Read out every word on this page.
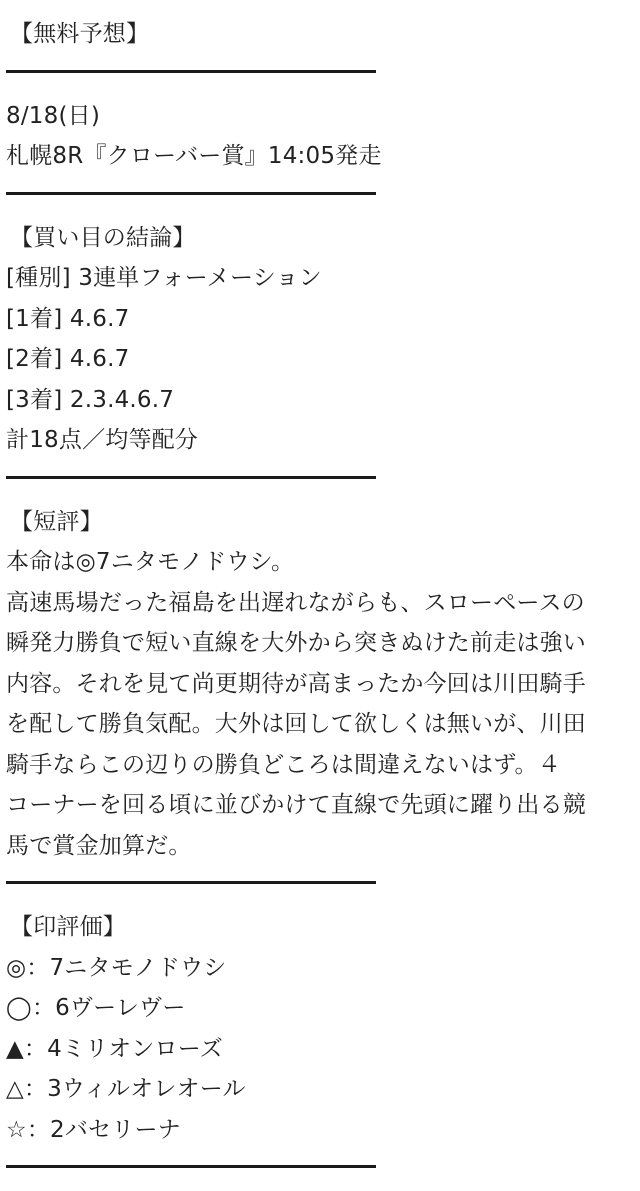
【無料予想】
8/18(日)
札幌8R『クローバー賞』14:05発走
【買い目の結論】
[種別] 3連単フォーメーション
[1着] 4.6.7
[2着] 4.6.7
[3着] 2.3.4.6.7
計18点／均等配分
【短評】
本命は◎7ニタモノドウシ。
高速馬場だった福島を出遅れながらも、スローペースの
瞬発力勝負で短い直線を大外から突きぬけた前走は強い
内容。それを見て尚更期待が高まったか今回は川田騎手
を配して勝負気配。大外は回して欲しくは無いが、川田
騎手ならこの辺りの勝負どころは間違えないはず。４
コーナーを回る頃に並びかけて直線で先頭に躍り出る競
馬で賞金加算だ。
【印評価】
◎：7ニタモノドウシ
◯：6ヴーレヴー
▲：4ミリオンローズ
△：3ウィルオレオール
☆：2バセリーナ
